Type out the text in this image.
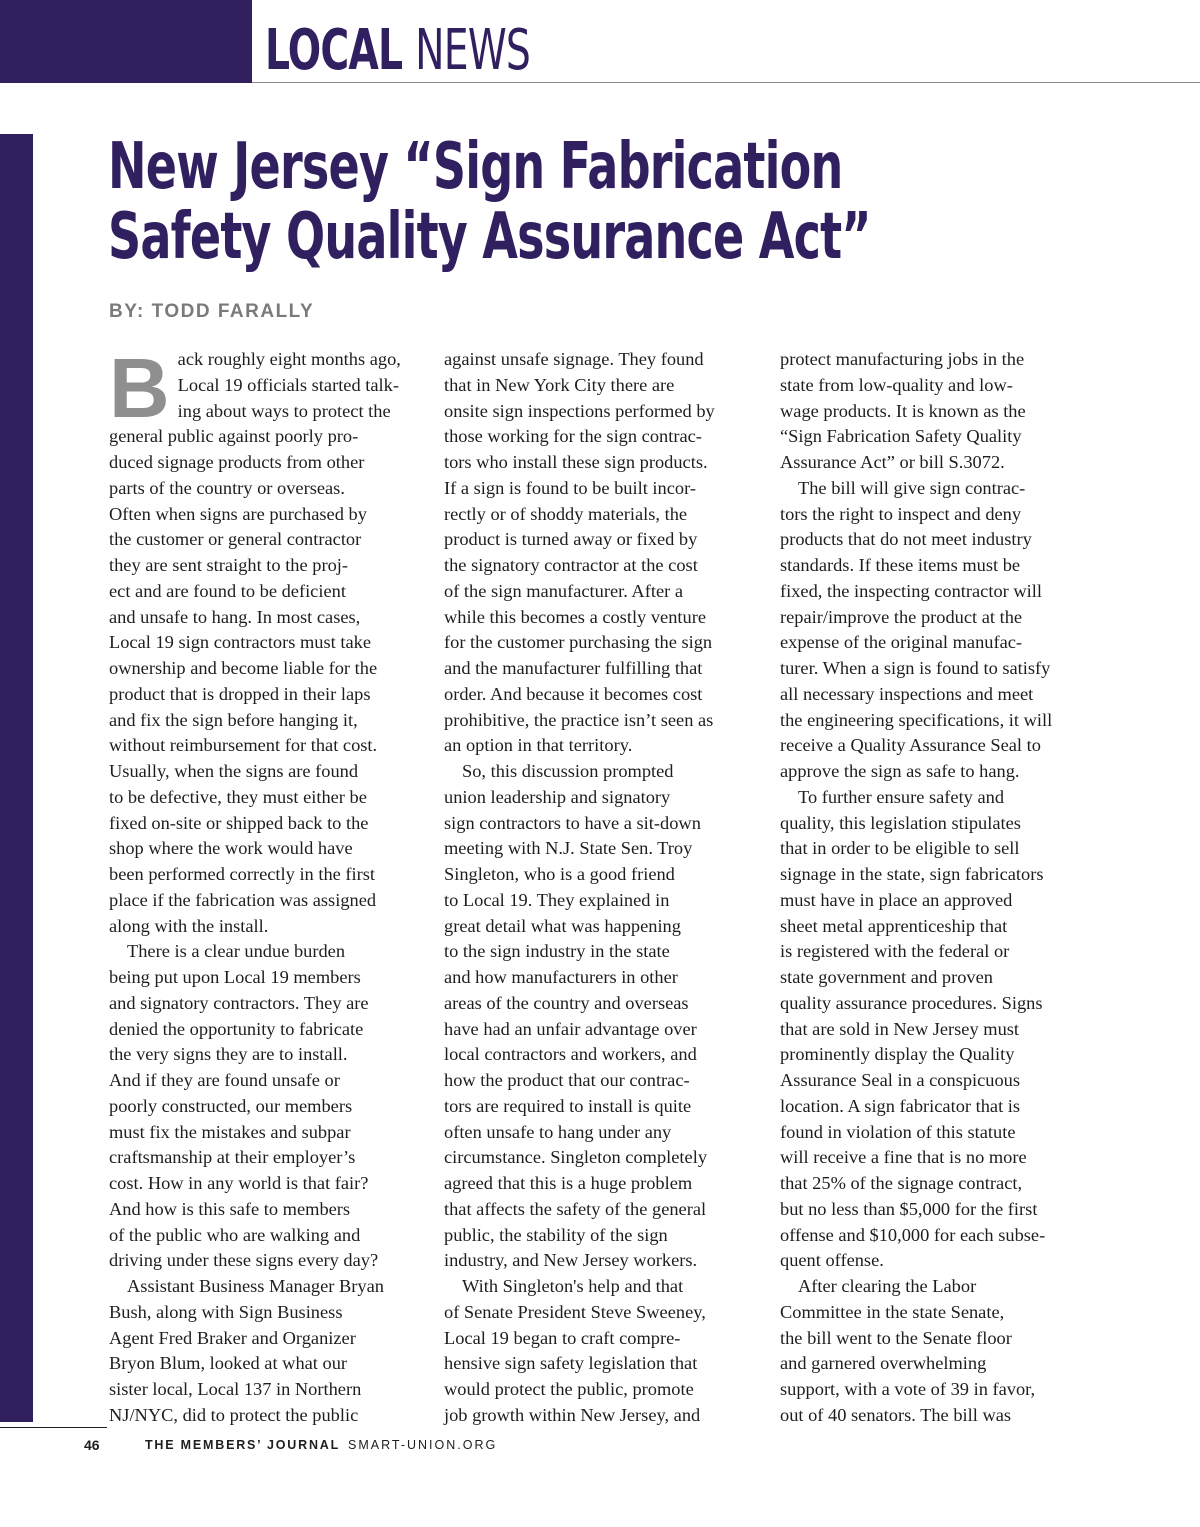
LOCAL NEWS
New Jersey “Sign Fabrication
Safety Quality Assurance Act”

BY: TODD FARALLY

Back roughly eight months ago,
Local 19 officials started talk-
ing about ways to protect the
general public against poorly pro-
duced signage products from other
parts of the country or overseas.
Often when signs are purchased by
the customer or general contractor
they are sent straight to the proj-
ect and are found to be deficient
and unsafe to hang. In most cases,
Local 19 sign contractors must take
ownership and become liable for the
product that is dropped in their laps
and fix the sign before hanging it,
without reimbursement for that cost.
Usually, when the signs are found
to be defective, they must either be
fixed on-site or shipped back to the
shop where the work would have
been performed correctly in the first
place if the fabrication was assigned
along with the install.

There is a clear undue burden
being put upon Local 19 members
and signatory contractors. They are
denied the opportunity to fabricate
the very signs they are to install.
And if they are found unsafe or
poorly constructed, our members
must fix the mistakes and subpar
craftsmanship at their employer’s
cost. How in any world is that fair?
And how is this safe to members
of the public who are walking and
driving under these signs every day?

Assistant Business Manager Bryan
Bush, along with Sign Business
Agent Fred Braker and Organizer
Bryon Blum, looked at what our
sister local, Local 137 in Northern
NJ/NYC, did to protect the public

against unsafe signage. They found
that in New York City there are
onsite sign inspections performed by
those working for the sign contrac-
tors who install these sign products.
If a sign is found to be built incor-
rectly or of shoddy materials, the
product is turned away or fixed by
the signatory contractor at the cost
of the sign manufacturer. After a
while this becomes a costly venture
for the customer purchasing the sign
and the manufacturer fulfilling that
order. And because it becomes cost
prohibitive, the practice isn’t seen as
an option in that territory.

So, this discussion prompted
union leadership and signatory
sign contractors to have a sit-down
meeting with N.J. State Sen. Troy
Singleton, who is a good friend
to Local 19. They explained in
great detail what was happening
to the sign industry in the state
and how manufacturers in other
areas of the country and overseas
have had an unfair advantage over
local contractors and workers, and
how the product that our contrac-
tors are required to install is quite
often unsafe to hang under any
circumstance. Singleton completely
agreed that this is a huge problem
that affects the safety of the general
public, the stability of the sign
industry, and New Jersey workers.

With Singleton's help and that
of Senate President Steve Sweeney,
Local 19 began to craft compre-
hensive sign safety legislation that
would protect the public, promote
job growth within New Jersey, and

protect manufacturing jobs in the
state from low-quality and low-
wage products. It is known as the
“Sign Fabrication Safety Quality
Assurance Act” or bill S.3072.

The bill will give sign contrac-
tors the right to inspect and deny
products that do not meet industry
standards. If these items must be
fixed, the inspecting contractor will
repair/improve the product at the
expense of the original manufac-
turer. When a sign is found to satisfy
all necessary inspections and meet
the engineering specifications, it will
receive a Quality Assurance Seal to
approve the sign as safe to hang.

To further ensure safety and
quality, this legislation stipulates
that in order to be eligible to sell
signage in the state, sign fabricators
must have in place an approved
sheet metal apprenticeship that
is registered with the federal or
state government and proven
quality assurance procedures. Signs
that are sold in New Jersey must
prominently display the Quality
Assurance Seal in a conspicuous
location. A sign fabricator that is
found in violation of this statute
will receive a fine that is no more
that 25% of the signage contract,
but no less than $5,000 for the first
offense and $10,000 for each subse-
quent offense.

After clearing the Labor
Committee in the state Senate,
the bill went to the Senate floor
and garnered overwhelming
support, with a vote of 39 in favor,
out of 40 senators. The bill was

46	THE MEMBERS’ JOURNAL SMART-UNION.ORG
